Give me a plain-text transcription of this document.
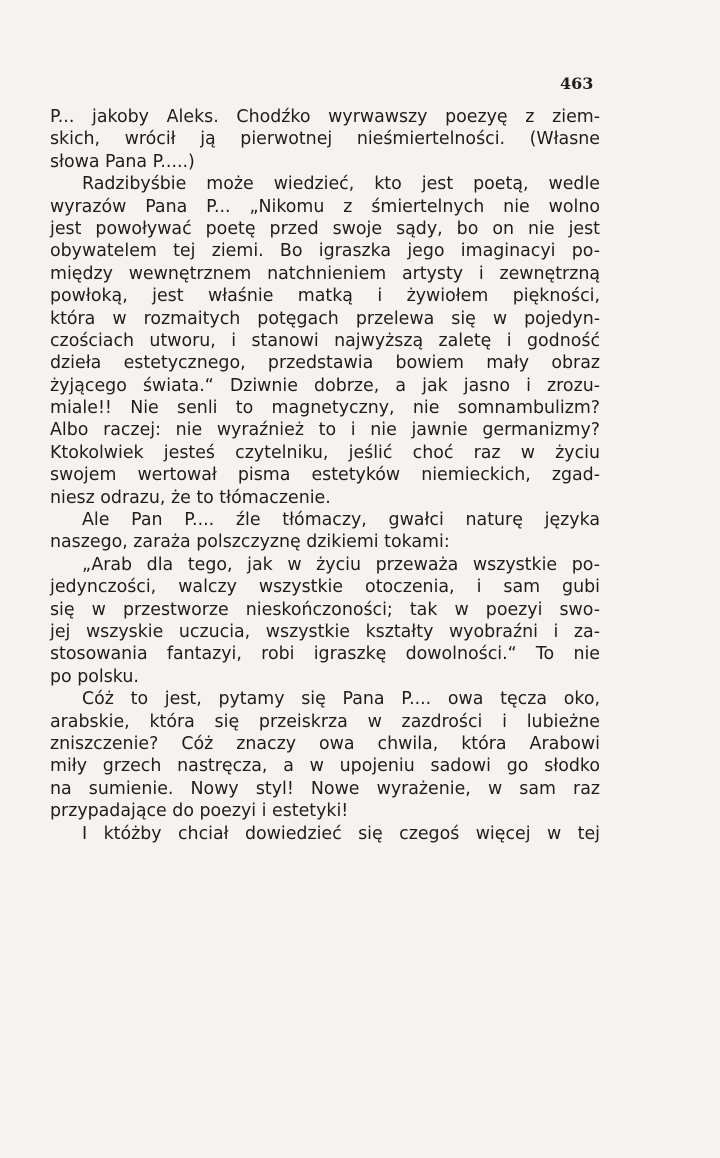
463
P... jakoby Aleks. Chodźko wyrwawszy poezyę z ziem-
skich, wrócił ją pierwotnej nieśmiertelności. (Własne
słowa Pana P.....)
Radzibyśbie może wiedzieć, kto jest poetą, wedle
wyrazów Pana P... „Nikomu z śmiertelnych nie wolno
jest powoływać poetę przed swoje sądy, bo on nie jest
obywatelem tej ziemi. Bo igraszka jego imaginacyi po-
między wewnętrznem natchnieniem artysty i zewnętrzną
powłoką, jest właśnie matką i żywiołem piękności,
która w rozmaitych potęgach przelewa się w pojedyn-
czościach utworu, i stanowi najwyższą zaletę i godność
dzieła estetycznego, przedstawia bowiem mały obraz
żyjącego świata.“ Dziwnie dobrze, a jak jasno i zrozu-
miale!! Nie senli to magnetyczny, nie somnambulizm?
Albo raczej: nie wyraźnież to i nie jawnie germanizmy?
Ktokolwiek jesteś czytelniku, jeślić choć raz w życiu
swojem wertował pisma estetyków niemieckich, zgad-
niesz odrazu, że to tłómaczenie.
Ale Pan P.... źle tłómaczy, gwałci naturę języka
naszego, zaraża polszczyznę dzikiemi tokami:
„Arab dla tego, jak w życiu przeważa wszystkie po-
jedynczości, walczy wszystkie otoczenia, i sam gubi
się w przestworze nieskończoności; tak w poezyi swo-
jej wszyskie uczucia, wszystkie kształty wyobraźni i za-
stosowania fantazyi, robi igraszkę dowolności.“ To nie
po polsku.
Cóż to jest, pytamy się Pana P.... owa tęcza oko,
arabskie, która się przeiskrza w zazdrości i lubieżne
zniszczenie? Cóż znaczy owa chwila, która Arabowi
miły grzech nastręcza, a w upojeniu sadowi go słodko
na sumienie. Nowy styl! Nowe wyrażenie, w sam raz
przypadające do poezyi i estetyki!
I któżby chciał dowiedzieć się czegoś więcej w tej
